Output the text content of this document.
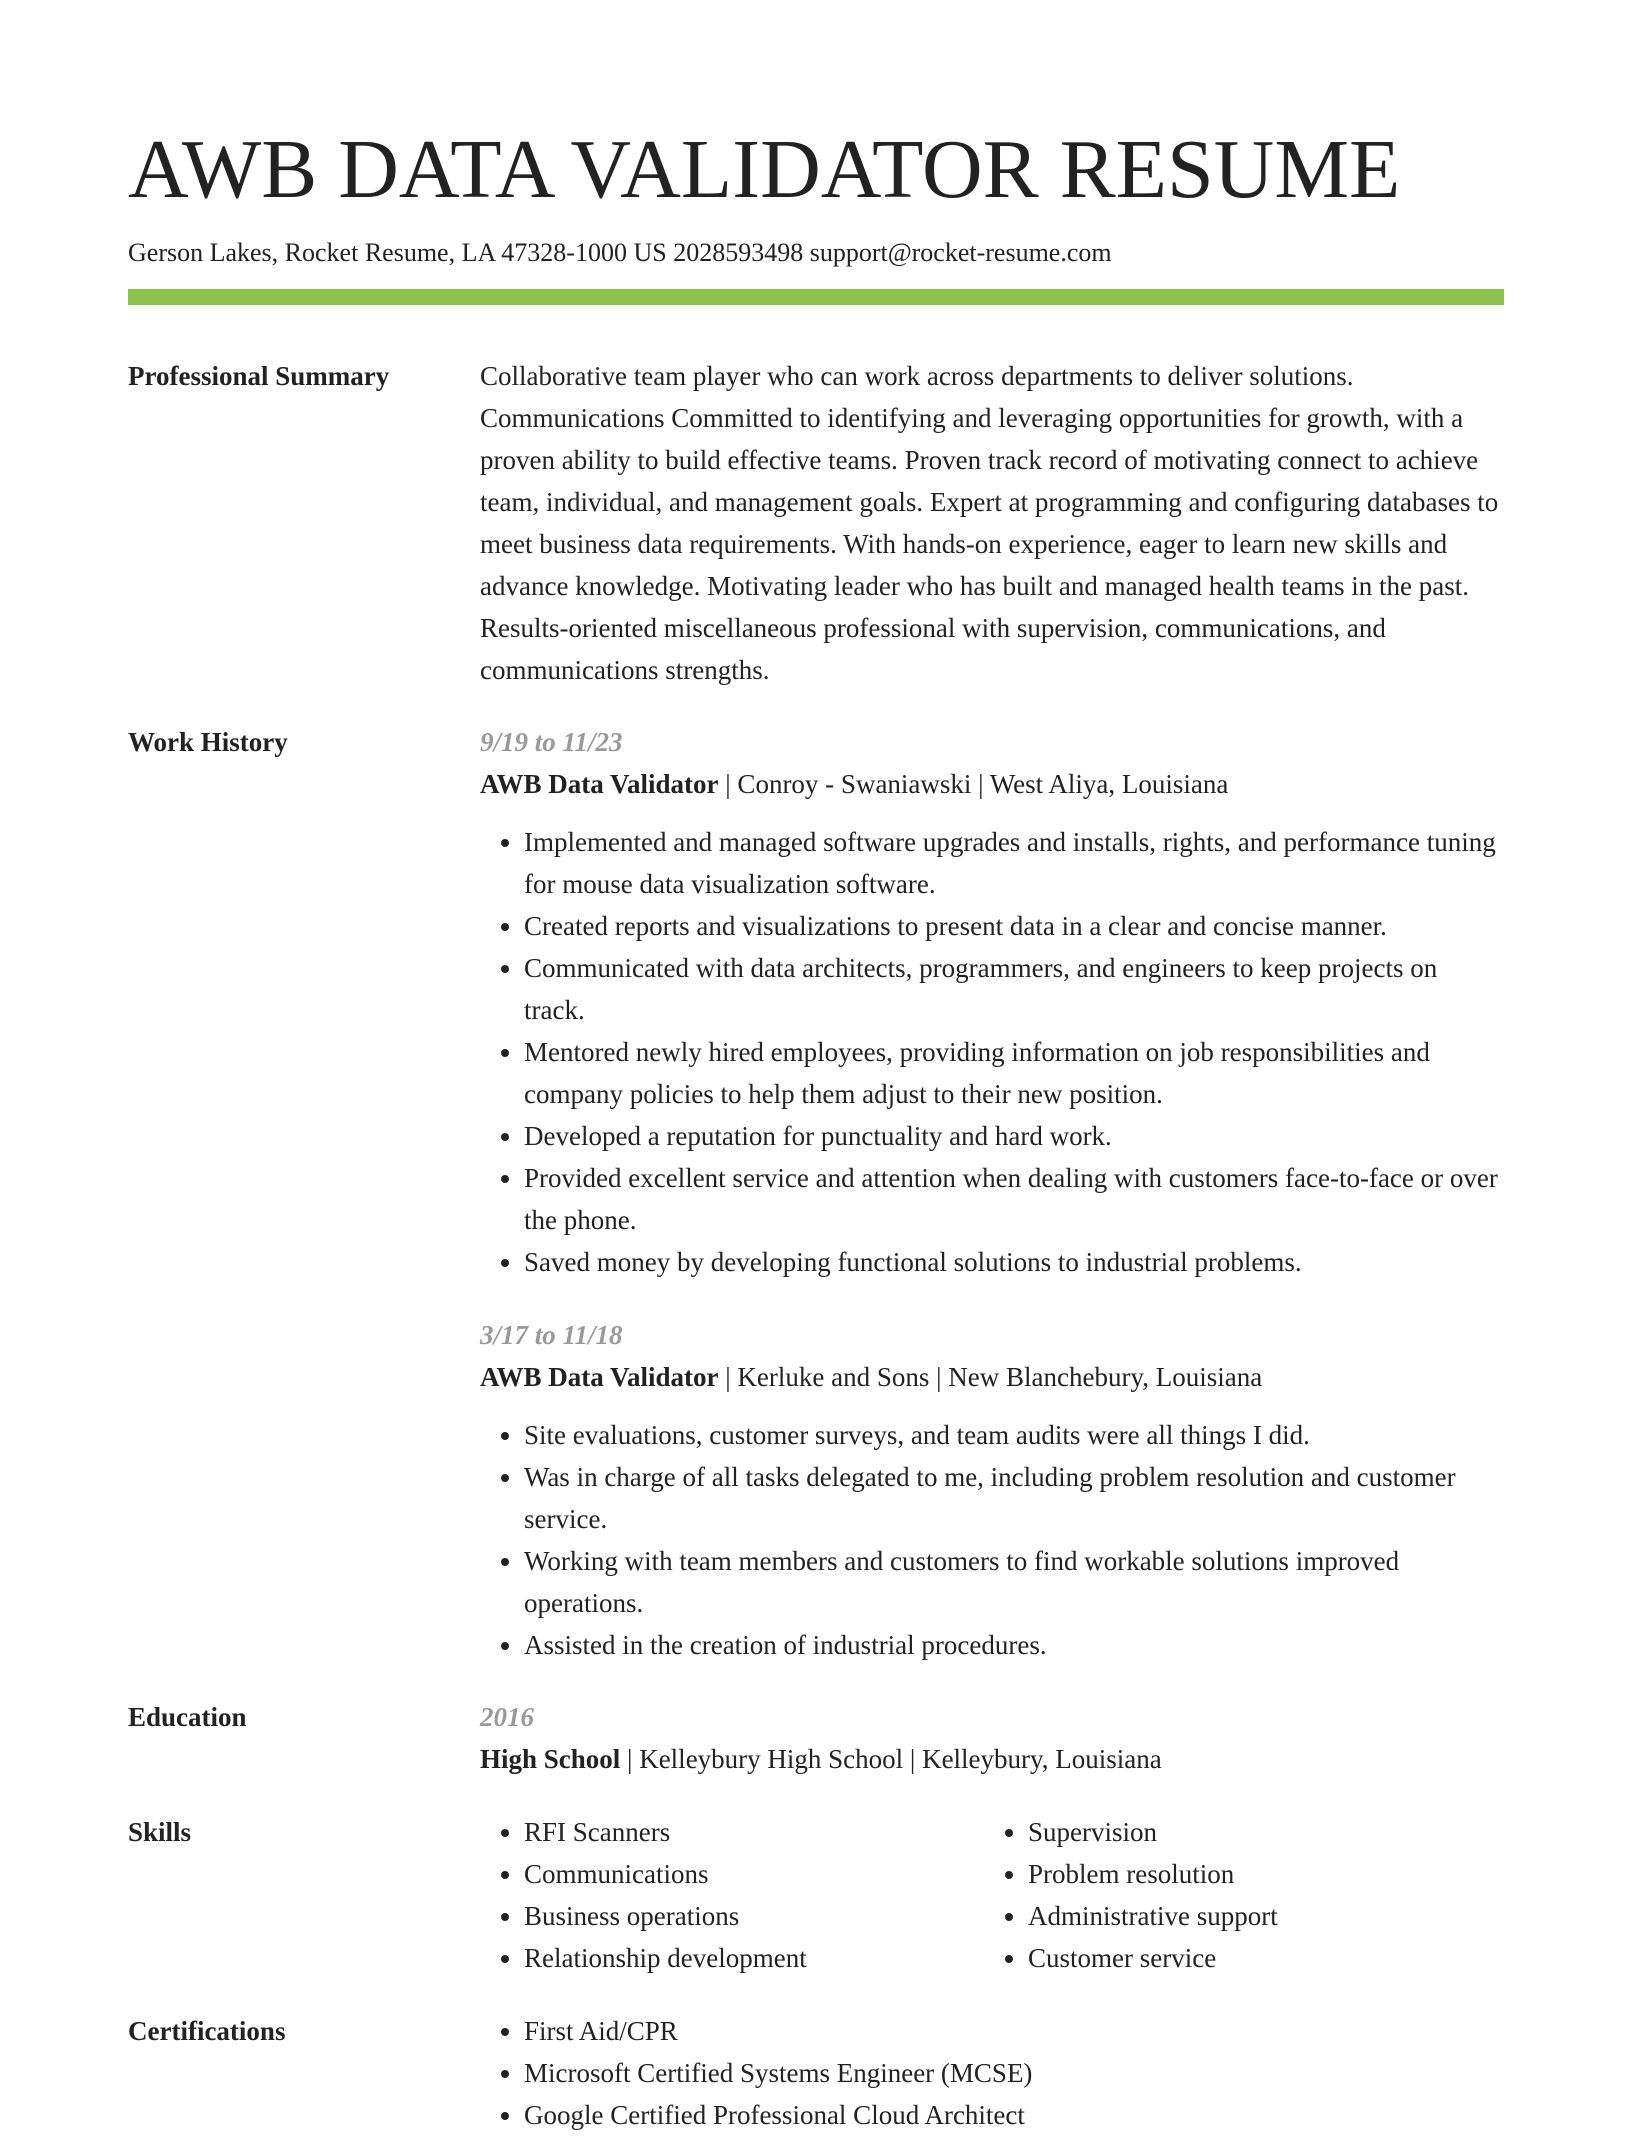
AWB DATA VALIDATOR RESUME
Gerson Lakes, Rocket Resume, LA 47328-1000 US 2028593498 support@rocket-resume.com
Professional Summary	Collaborative team player who can work across departments to deliver solutions. Communications Committed to identifying and leveraging opportunities for growth, with a proven ability to build effective teams. Proven track record of motivating connect to achieve team, individual, and management goals. Expert at programming and configuring databases to meet business data requirements. With hands-on experience, eager to learn new skills and advance knowledge. Motivating leader who has built and managed health teams in the past. Results-oriented miscellaneous professional with supervision, communications, and communications strengths.

Work History	9/19 to 11/23
AWB Data Validator | Conroy - Swaniawski | West Aliya, Louisiana
• Implemented and managed software upgrades and installs, rights, and performance tuning for mouse data visualization software.
• Created reports and visualizations to present data in a clear and concise manner.
• Communicated with data architects, programmers, and engineers to keep projects on track.
• Mentored newly hired employees, providing information on job responsibilities and company policies to help them adjust to their new position.
• Developed a reputation for punctuality and hard work.
• Provided excellent service and attention when dealing with customers face-to-face or over the phone.
• Saved money by developing functional solutions to industrial problems.
3/17 to 11/18
AWB Data Validator | Kerluke and Sons | New Blanchebury, Louisiana
• Site evaluations, customer surveys, and team audits were all things I did.
• Was in charge of all tasks delegated to me, including problem resolution and customer service.
• Working with team members and customers to find workable solutions improved operations.
• Assisted in the creation of industrial procedures.
Education	2016
High School | Kelleybury High School | Kelleybury, Louisiana
Skills	• RFI Scanners
• Communications
• Business operations
• Relationship development
• Supervision
• Problem resolution
• Administrative support
• Customer service
Certifications	• First Aid/CPR
• Microsoft Certified Systems Engineer (MCSE)
• Google Certified Professional Cloud Architect
